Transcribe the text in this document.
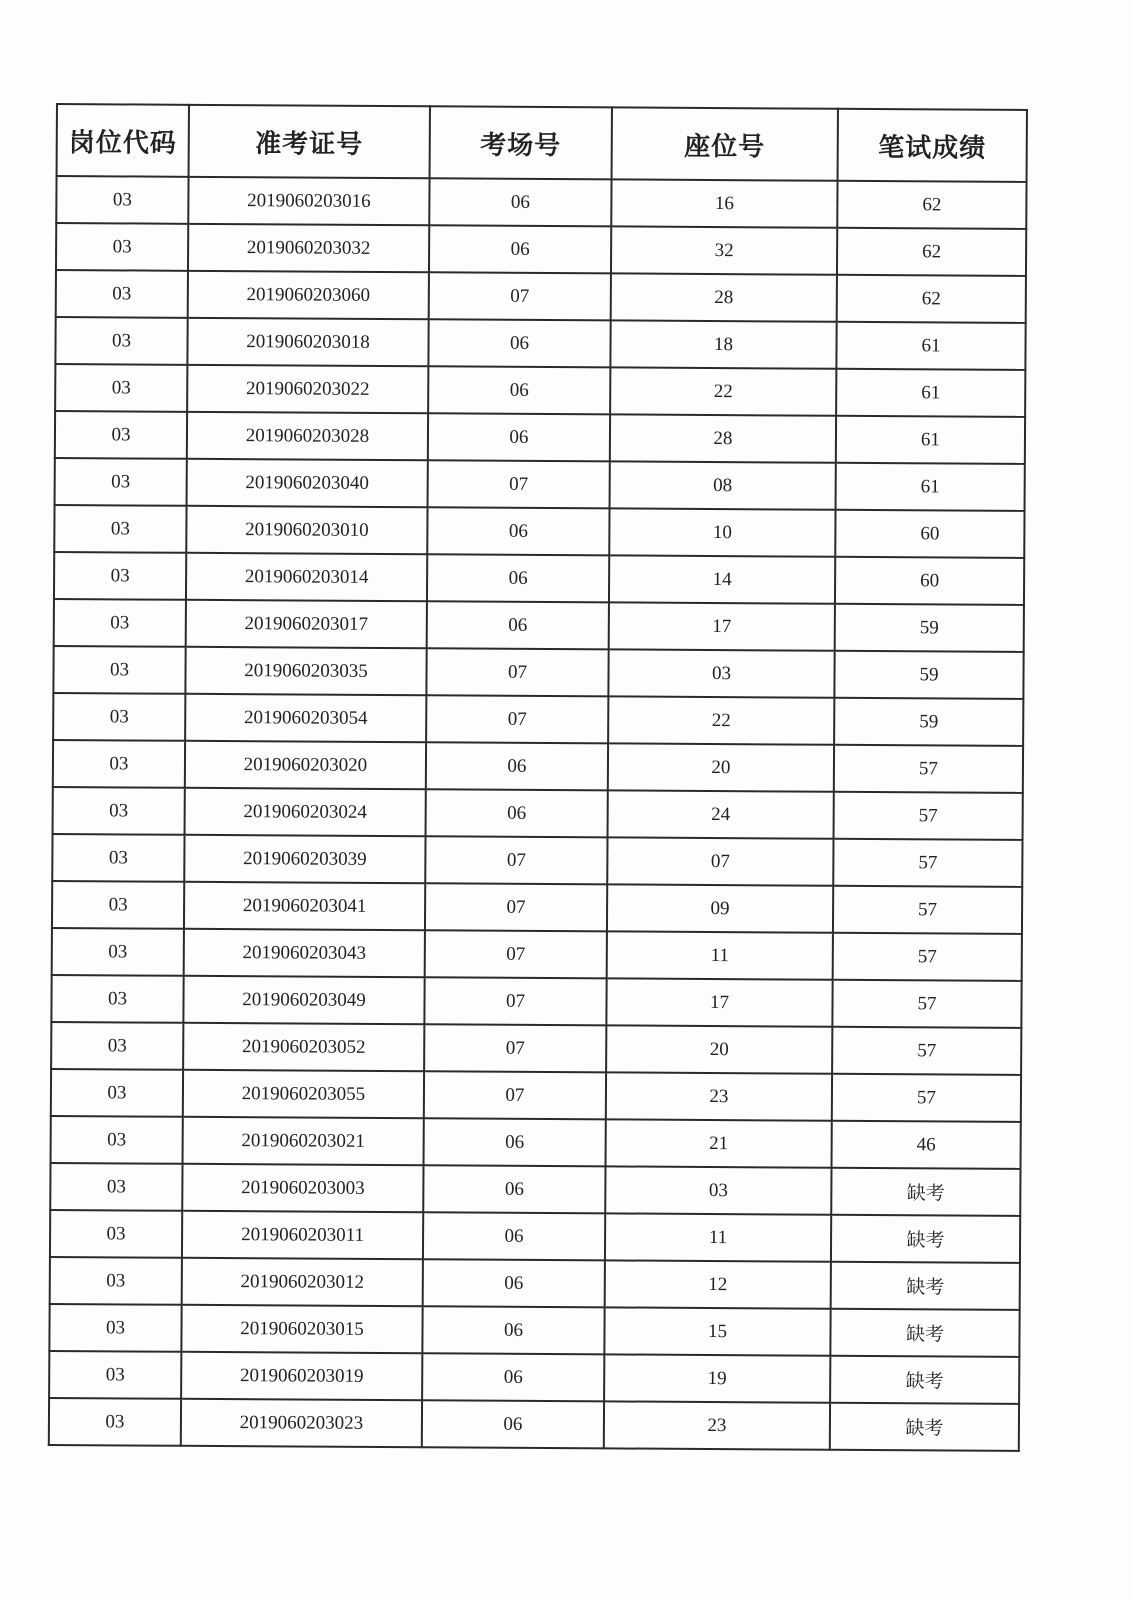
岗位代码	准考证号	考场号	座位号	笔试成绩
03	2019060203016	06	16	62
03	2019060203032	06	32	62
03	2019060203060	07	28	62
03	2019060203018	06	18	61
03	2019060203022	06	22	61
03	2019060203028	06	28	61
03	2019060203040	07	08	61
03	2019060203010	06	10	60
03	2019060203014	06	14	60
03	2019060203017	06	17	59
03	2019060203035	07	03	59
03	2019060203054	07	22	59
03	2019060203020	06	20	57
03	2019060203024	06	24	57
03	2019060203039	07	07	57
03	2019060203041	07	09	57
03	2019060203043	07	11	57
03	2019060203049	07	17	57
03	2019060203052	07	20	57
03	2019060203055	07	23	57
03	2019060203021	06	21	46
03	2019060203003	06	03	缺考
03	2019060203011	06	11	缺考
03	2019060203012	06	12	缺考
03	2019060203015	06	15	缺考
03	2019060203019	06	19	缺考
03	2019060203023	06	23	缺考
